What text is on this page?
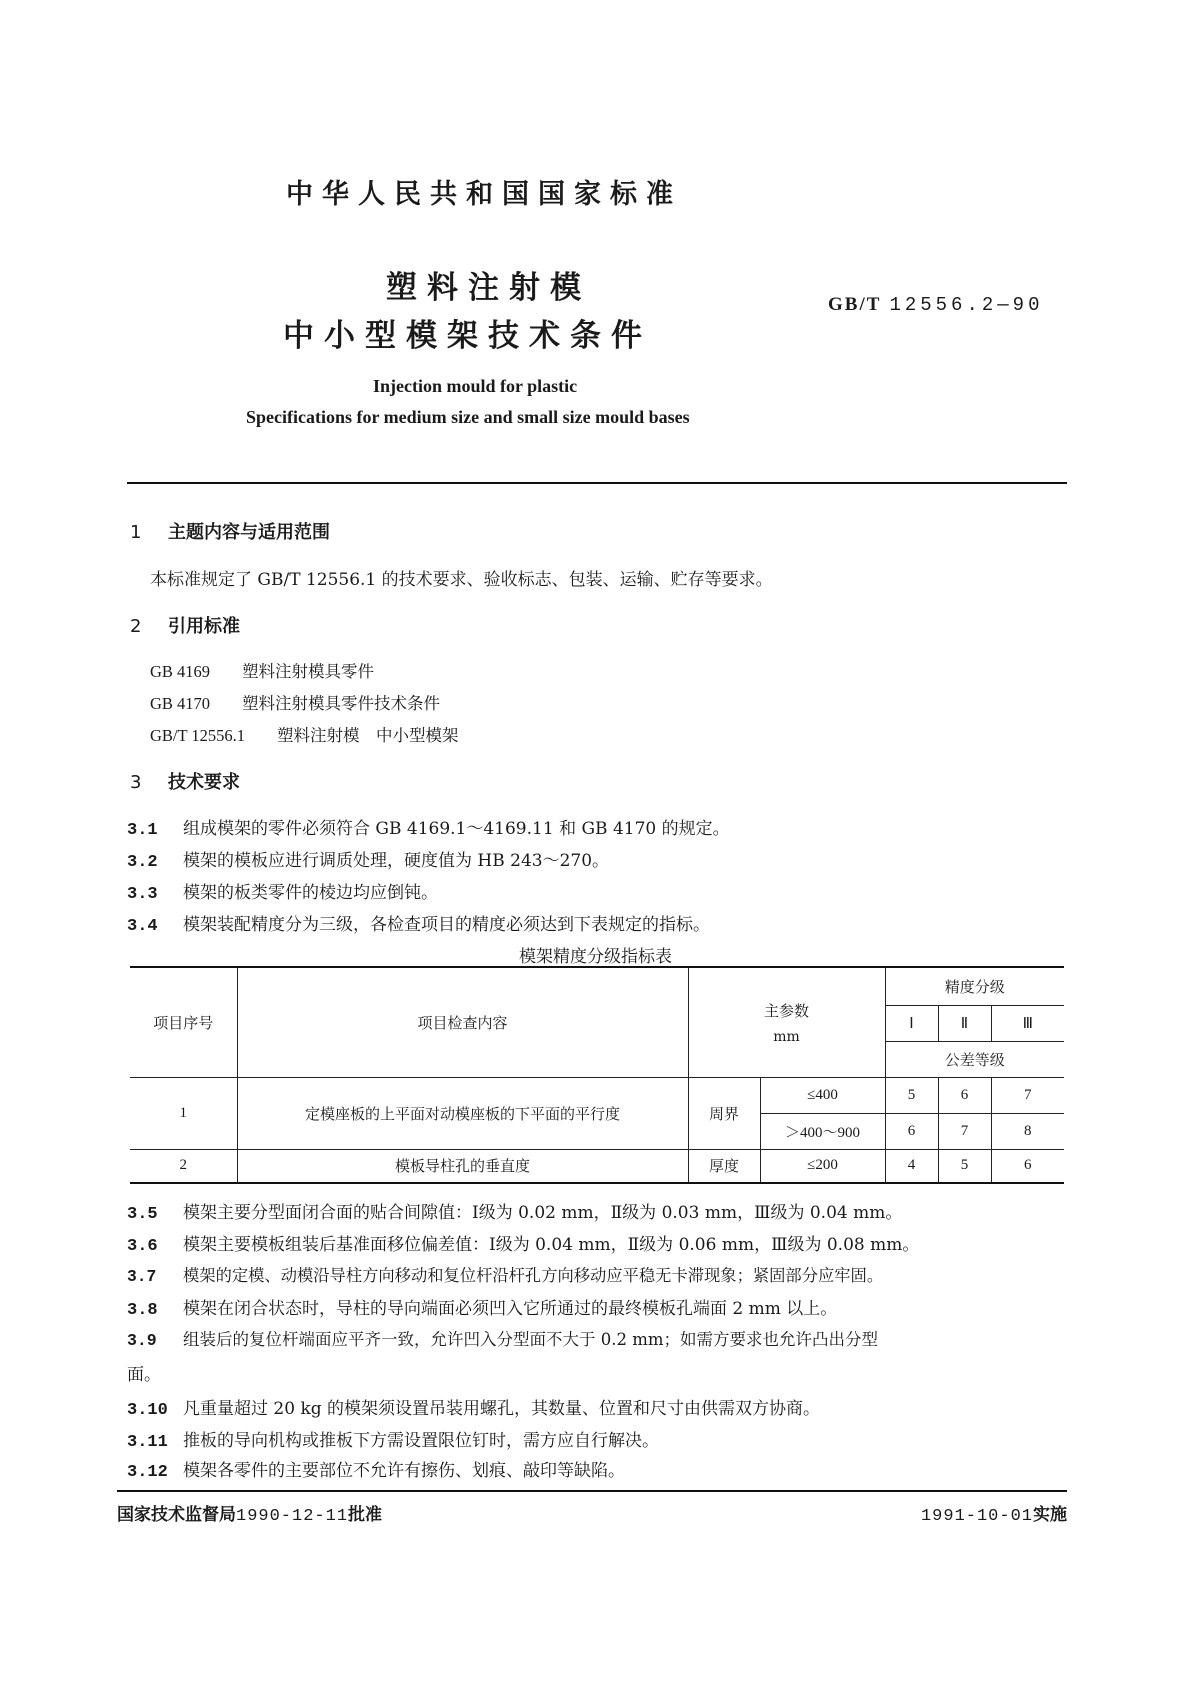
中华人民共和国国家标准
塑料注射模
中小型模架技术条件
GB/T 12556.2—90
Injection mould for plastic
Specifications for medium size and small size mould bases
1 主题内容与适用范围
本标准规定了 GB/T 12556.1 的技术要求、验收标志、包装、运输、贮存等要求。
2 引用标准
GB 4169 塑料注射模具零件
GB 4170 塑料注射模具零件技术条件
GB/T 12556.1 塑料注射模　中小型模架
3 技术要求
3.1 组成模架的零件必须符合 GB 4169.1～4169.11 和 GB 4170 的规定。
3.2 模架的模板应进行调质处理，硬度值为 HB 243～270。
3.3 模架的板类零件的棱边均应倒钝。
3.4 模架装配精度分为三级，各检查项目的精度必须达到下表规定的指标。
模架精度分级指标表
项目序号	项目检查内容	主参数
mm		精度分级		
				Ⅰ	Ⅱ	Ⅲ
				公差等级		
1	定模座板的上平面对动模座板的下平面的平行度	周界	≤400	5	6	7
			＞400～900	6	7	8
2	模板导柱孔的垂直度	厚度	≤200	4	5	6
3.5 模架主要分型面闭合面的贴合间隙值：Ⅰ级为 0.02 mm，Ⅱ级为 0.03 mm，Ⅲ级为 0.04 mm。
3.6 模架主要模板组装后基准面移位偏差值：Ⅰ级为 0.04 mm，Ⅱ级为 0.06 mm，Ⅲ级为 0.08 mm。
3.7 模架的定模、动模沿导柱方向移动和复位杆沿杆孔方向移动应平稳无卡滞现象；紧固部分应牢固。
3.8 模架在闭合状态时，导柱的导向端面必须凹入它所通过的最终模板孔端面 2 mm 以上。
3.9 组装后的复位杆端面应平齐一致，允许凹入分型面不大于 0.2 mm；如需方要求也允许凸出分型
面。
3.10 凡重量超过 20 kg 的模架须设置吊装用螺孔，其数量、位置和尺寸由供需双方协商。
3.11 推板的导向机构或推板下方需设置限位钉时，需方应自行解决。
3.12 模架各零件的主要部位不允许有擦伤、划痕、敲印等缺陷。
国家技术监督局1990-12-11批准	1991-10-01实施
